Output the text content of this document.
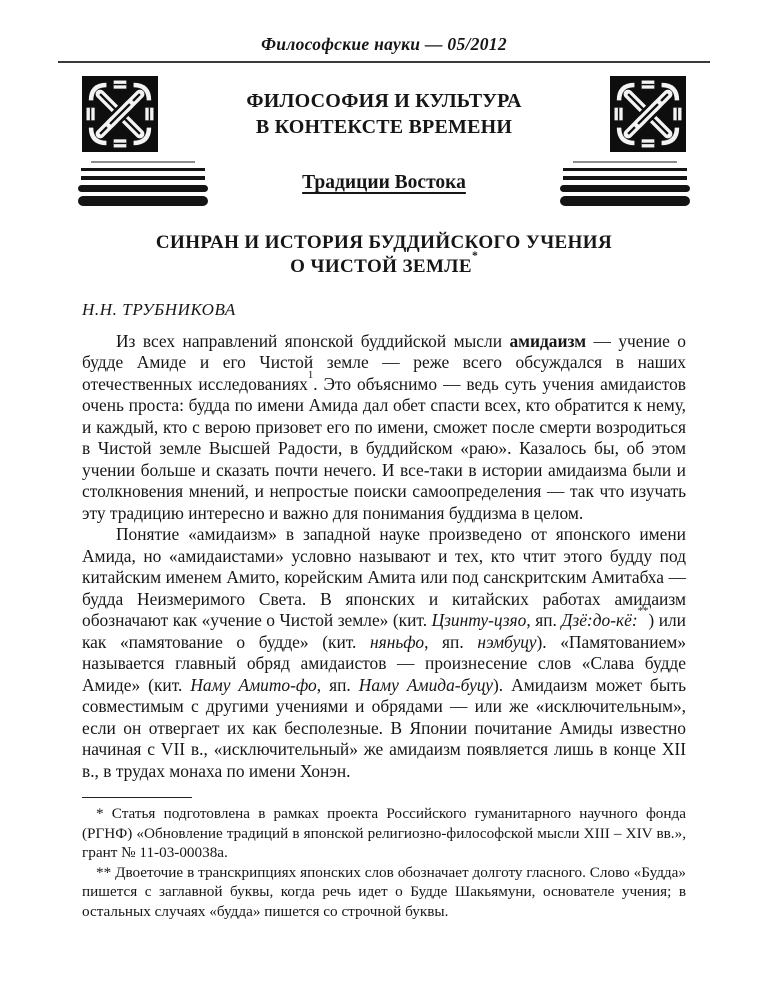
Философские науки — 05/2012
ФИЛОСОФИЯ И КУЛЬТУРА
В КОНТЕКСТЕ ВРЕМЕНИ
Традиции Востока
СИНРАН И ИСТОРИЯ БУДДИЙСКОГО УЧЕНИЯ
О ЧИСТОЙ ЗЕМЛЕ*
Н.Н. ТРУБНИКОВА

Из всех направлений японской буддийской мысли амидаизм — учение о будде Амиде и его Чистой земле — реже всего обсуждался в наших отечественных исследованиях$^1$. Это объяснимо — ведь суть учения амидаистов очень проста: будда по имени Амида дал обет спасти всех, кто обратится к нему, и каждый, кто с верою призовет его по имени, сможет после смерти возродиться в Чистой земле Высшей Радости, в буддийском «раю». Казалось бы, об этом учении больше и сказать почти нечего. И все-таки в истории амидаизма были и столкновения мнений, и непростые поиски самоопределения — так что изучать эту традицию интересно и важно для понимания буддизма в целом.

Понятие «амидаизм» в западной науке произведено от японского имени Амида, но «амидаистами» условно называют и тех, кто чтит этого будду под китайским именем Амито, корейским Амита или под санскритским Амитабха — будда Неизмеримого Света. В японских и китайских работах амидаизм обозначают как «учение о Чистой земле» (кит. Цзинту-цзяо, яп. Дзё:до-кё:**) или как «памятование о будде» (кит. няньфо, яп. нэмбуцу). «Памятованием» называется главный обряд амидаистов — произнесение слов «Слава будде Амиде» (кит. Наму Амито-фо, яп. Наму Амида-буцу). Амидаизм может быть совместимым с другими учениями и обрядами — или же «исключительным», если он отвергает их как бесполезные. В Японии почитание Амиды известно начиная с VII в., «исключительный» же амидаизм появляется лишь в конце XII в., в трудах монаха по имени Хонэн.

* Статья подготовлена в рамках проекта Российского гуманитарного научного фонда (РГНФ) «Обновление традиций в японской религиозно-философской мысли XIII – XIV вв.», грант № 11-03-00038а.

** Двоеточие в транскрипциях японских слов обозначает долготу гласного. Слово «Будда» пишется с заглавной буквы, когда речь идет о Будде Шакьямуни, основателе учения; в остальных случаях «будда» пишется со строчной буквы.
